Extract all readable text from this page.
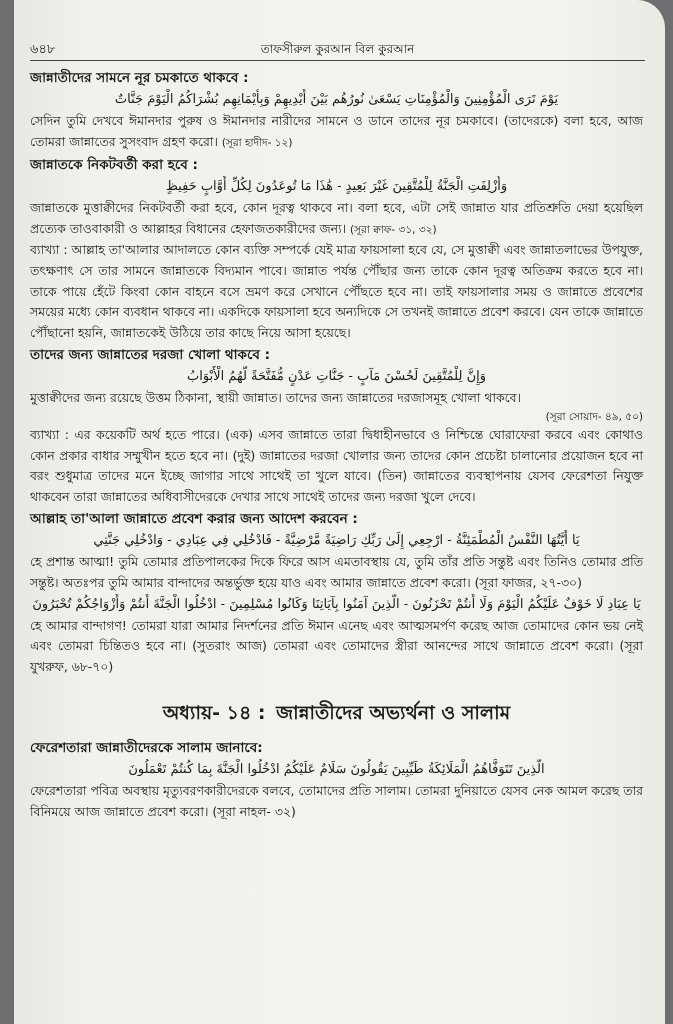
৬৪৮	তাফসীরুল কুরআন বিল কুরআন
জান্নাতীদের সামনে নূর চমকাতে থাকবে :
يَوْمَ تَرَى الْمُؤْمِنِينَ وَالْمُؤْمِنَاتِ يَسْعَىٰ نُورُهُم بَيْنَ أَيْدِيهِمْ وَبِأَيْمَانِهِم بُشْرَاكُمُ الْيَوْمَ جَنَّاتٌ

সেদিন তুমি দেখবে ঈমানদার পুরুষ ও ঈমানদার নারীদের সামনে ও ডানে তাদের নূর চমকাবে। (তাদেরকে) বলা হবে, আজ তোমরা জান্নাতের সুসংবাদ গ্রহণ করো। (সূরা হাদীদ- ১২)

জান্নাতকে নিকটবর্তী করা হবে :
وَأُزْلِفَتِ الْجَنَّةُ لِلْمُتَّقِينَ غَيْرَ بَعِيدٍ - هَٰذَا مَا تُوعَدُونَ لِكُلِّ أَوَّابٍ حَفِيظٍ

জান্নাতকে মুত্তাক্বীদের নিকটবর্তী করা হবে, কোন দূরত্ব থাকবে না। বলা হবে, এটা সেই জান্নাত যার প্রতিশ্রুতি দেয়া হয়েছিল প্রত্যেক তাওবাকারী ও আল্লাহর বিধানের হেফাজতকারীদের জন্য। (সূরা ক্বাফ- ৩১, ৩২)

ব্যাখ্যা : আল্লাহ তা'আলার আদালতে কোন ব্যক্তি সম্পর্কে যেই মাত্র ফায়সালা হবে যে, সে মুত্তাক্বী এবং জান্নাতলাভের উপযুক্ত, তৎক্ষণাৎ সে তার সামনে জান্নাতকে বিদ্যমান পাবে। জান্নাত পর্যন্ত পৌঁছার জন্য তাকে কোন দূরত্ব অতিক্রম করতে হবে না। তাকে পায়ে হেঁটে কিংবা কোন বাহনে বসে ভ্রমণ করে সেখানে পৌঁছতে হবে না। তাই ফায়সালার সময় ও জান্নাতে প্রবেশের সময়ের মধ্যে কোন ব্যবধান থাকবে না। একদিকে ফায়সালা হবে অন্যদিকে সে তখনই জান্নাতে প্রবেশ করবে। যেন তাকে জান্নাতে পৌঁছানো হয়নি, জান্নাতকেই উঠিয়ে তার কাছে নিয়ে আসা হয়েছে।

তাদের জন্য জান্নাতের দরজা খোলা থাকবে :
وَإِنَّ لِلْمُتَّقِينَ لَحُسْنَ مَآبٍ - جَنَّاتِ عَدْنٍ مُّفَتَّحَةً لَّهُمُ الْأَبْوَابُ

মুত্তাক্বীদের জন্য রয়েছে উত্তম ঠিকানা, স্থায়ী জান্নাত। তাদের জন্য জান্নাতের দরজাসমূহ খোলা থাকবে।

(সূরা সোয়াদ- ৪৯, ৫০)

ব্যাখ্যা : এর কয়েকটি অর্থ হতে পারে। (এক) এসব জান্নাতে তারা দ্বিধাহীনভাবে ও নিশ্চিন্তে ঘোরাফেরা করবে এবং কোথাও কোন প্রকার বাধার সম্মুখীন হতে হবে না। (দুই) জান্নাতের দরজা খোলার জন্য তাদের কোন প্রচেষ্টা চালানোর প্রয়োজন হবে না বরং শুধুমাত্র তাদের মনে ইচ্ছে জাগার সাথে সাথেই তা খুলে যাবে। (তিন) জান্নাতের ব্যবস্থাপনায় যেসব ফেরেশতা নিযুক্ত থাকবেন তারা জান্নাতের অধিবাসীদেরকে দেখার সাথে সাথেই তাদের জন্য দরজা খুলে দেবে।

আল্লাহ তা'আলা জান্নাতে প্রবেশ করার জন্য আদেশ করবেন :
يَا أَيَّتُهَا النَّفْسُ الْمُطْمَئِنَّةُ - ارْجِعِي إِلَىٰ رَبِّكِ رَاضِيَةً مَّرْضِيَّةً - فَادْخُلِي فِي عِبَادِي - وَادْخُلِي جَنَّتِي

হে প্রশান্ত আত্মা! তুমি তোমার প্রতিপালকের দিকে ফিরে আস এমতাবস্থায় যে, তুমি তাঁর প্রতি সন্তুষ্ট এবং তিনিও তোমার প্রতি সন্তুষ্ট। অতঃপর তুমি আমার বান্দাদের অন্তর্ভুক্ত হয়ে যাও এবং আমার জান্নাতে প্রবেশ করো। (সূরা ফাজর, ২৭-৩০)

يَا عِبَادِ لَا خَوْفٌ عَلَيْكُمُ الْيَوْمَ وَلَا أَنتُمْ تَحْزَنُونَ - الَّذِينَ آمَنُوا بِآيَاتِنَا وَكَانُوا مُسْلِمِينَ - ادْخُلُوا الْجَنَّةَ أَنتُمْ وَأَزْوَاجُكُمْ تُحْبَرُونَ

হে আমার বান্দাগণ! তোমরা যারা আমার নিদর্শনের প্রতি ঈমান এনেছ এবং আত্মসমর্পণ করেছ আজ তোমাদের কোন ভয় নেই এবং তোমরা চিন্তিতও হবে না। (সুতরাং আজ) তোমরা এবং তোমাদের স্ত্রীরা আনন্দের সাথে জান্নাতে প্রবেশ করো। (সূরা যুখরুফ, ৬৮-৭০)

অধ্যায়- ১৪ : জান্নাতীদের অভ্যর্থনা ও সালাম
ফেরেশতারা জান্নাতীদেরকে সালাম জানাবে:
الَّذِينَ تَتَوَفَّاهُمُ الْمَلَائِكَةُ طَيِّبِينَ يَقُولُونَ سَلَامٌ عَلَيْكُمُ ادْخُلُوا الْجَنَّةَ بِمَا كُنتُمْ تَعْمَلُونَ

ফেরেশতারা পবিত্র অবস্থায় মৃত্যুবরণকারীদেরকে বলবে, তোমাদের প্রতি সালাম। তোমরা দুনিয়াতে যেসব নেক আমল করেছ তার বিনিময়ে আজ জান্নাতে প্রবেশ করো। (সূরা নাহল- ৩২)
